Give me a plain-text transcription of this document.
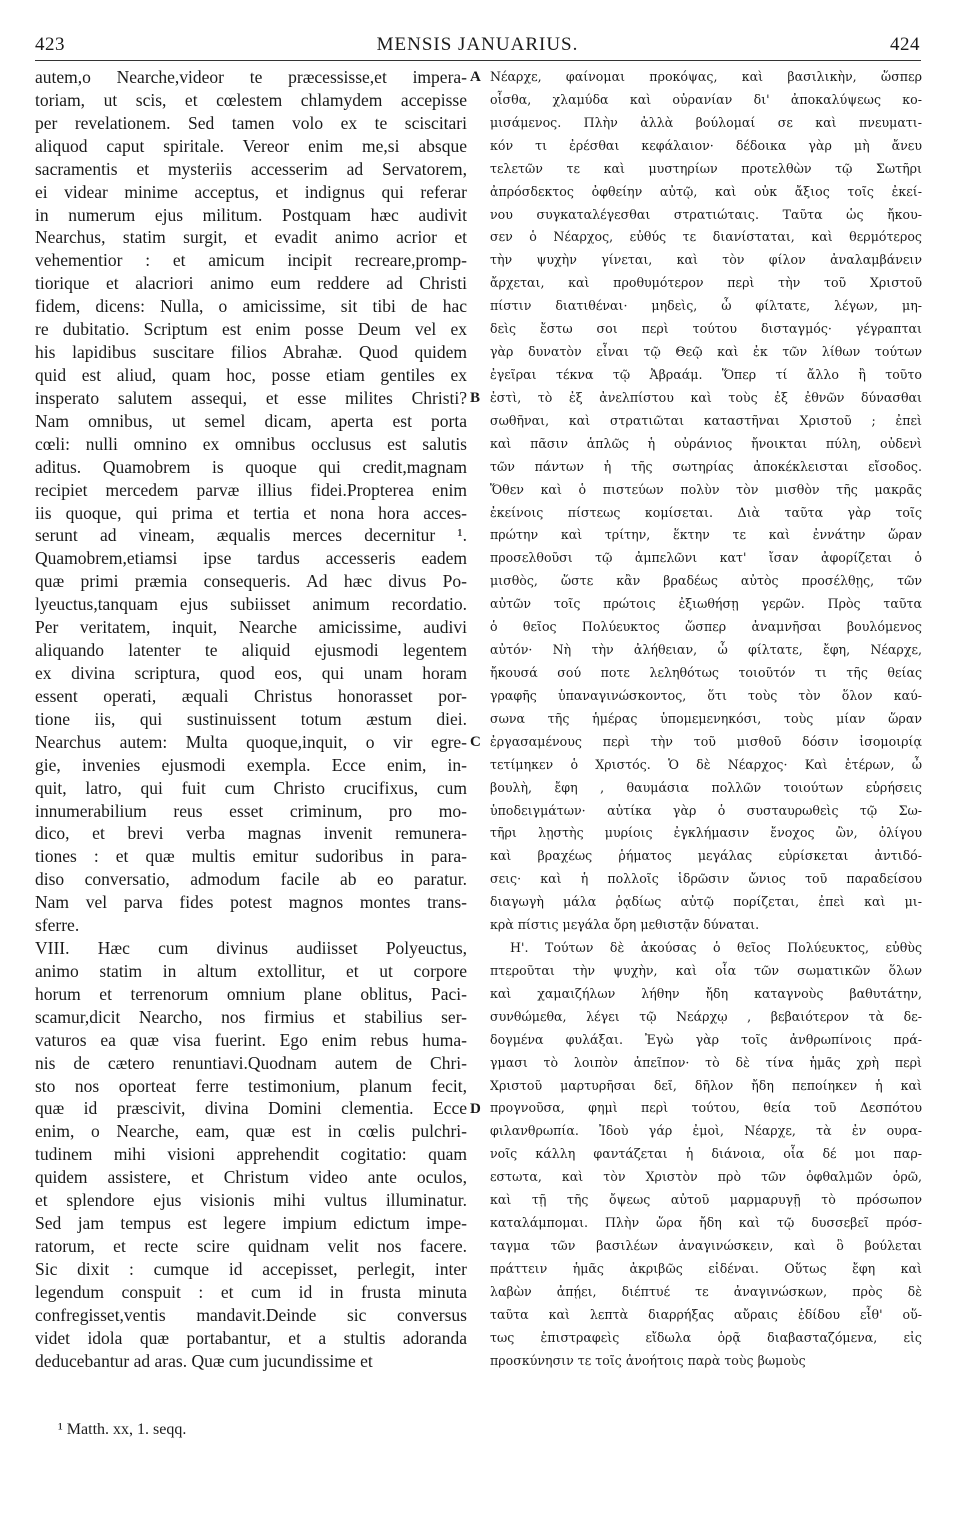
423	MENSIS JANUARIUS.	424
autem,o Nearche,videor te præcessisse,et impera-
toriam, ut scis, et cœlestem chlamydem accepisse
per revelationem. Sed tamen volo ex te sciscitari
aliquod caput spiritale. Vereor enim me,si absque
sacramentis et mysteriis accesserim ad Servatorem,
ei videar minime acceptus, et indignus qui referar
in numerum ejus militum. Postquam hæc audivit
Nearchus, statim surgit, et evadit animo acrior et
vehementior : et amicum incipit recreare,promp-
tiorique et alacriori animo eum reddere ad Christi
fidem, dicens: Nulla, o amicissime, sit tibi de hac
re dubitatio. Scriptum est enim posse Deum vel ex
his lapidibus suscitare filios Abrahæ. Quod quidem
quid est aliud, quam hoc, posse etiam gentiles ex
insperato salutem assequi, et esse milites Christi?
Nam omnibus, ut semel dicam, aperta est porta
cœli: nulli omnino ex omnibus occlusus est salutis
aditus. Quamobrem is quoque qui credit,magnam
recipiet mercedem parvæ illius fidei.Propterea enim
iis quoque, qui prima et tertia et nona hora acces-
serunt ad vineam, æqualis merces decernitur ¹.
Quamobrem,etiamsi ipse tardus accesseris eadem
quæ primi præmia consequeris. Ad hæc divus Po-
lyeuctus,tanquam ejus subiisset animum recordatio.
Per veritatem, inquit, Nearche amicissime, audivi
aliquando latenter te aliquid ejusmodi legentem
ex divina scriptura, quod eos, qui unam horam
essent operati, æquali Christus honorasset por-
tione iis, qui sustinuissent totum æstum diei.
Nearchus autem: Multa quoque,inquit, o vir egre-
gie, invenies ejusmodi exempla. Ecce enim, in-
quit, latro, qui fuit cum Christo crucifixus, cum
innumerabilium reus esset criminum, pro mo-
dico, et brevi verba magnas invenit remunera-
tiones : et quæ multis emitur sudoribus in para-
diso conversatio, admodum facile ab eo paratur.
Nam vel parva fides potest magnos montes trans-
sferre.
VIII. Hæc cum divinus audiisset Polyeuctus,
animo statim in altum extollitur, et ut corpore
horum et terrenorum omnium plane oblitus, Paci-
scamur,dicit Nearcho, nos firmius et stabilius ser-
vaturos ea quæ visa fuerint. Ego enim rebus huma-
nis de cætero renuntiavi.Quodnam autem de Chri-
sto nos oporteat ferre testimonium, planum fecit,
quæ id præscivit, divina Domini clementia. Ecce
enim, o Nearche, eam, quæ est in cœlis pulchri-
tudinem mihi visioni apprehendit cogitatio: quam
quidem assistere, et Christum video ante oculos,
et splendore ejus visionis mihi vultus illuminatur.
Sed jam tempus est legere impium edictum impe-
ratorum, et recte scire quidnam velit nos facere.
Sic dixit : cumque id accepisset, perlegit, inter
legendum conspuit : et cum id in frusta minuta
confregisset,ventis mandavit.Deinde sic conversus
videt idola quæ portabantur, et a stultis adoranda
deducebantur ad aras. Quæ cum jucundissime et
Νέαρχε, φαίνομαι προκόψας, καὶ βασιλικὴν, ὥσπερ
οἶσθα, χλαμύδα καὶ οὐρανίαν δι' ἀποκαλύψεως κο-
μισάμενος. Πλὴν ἀλλὰ βούλομαί σε καὶ πνευματι-
κόν τι ἐρέσθαι κεφάλαιον· δέδοικα γὰρ μὴ ἄνευ
τελετῶν τε καὶ μυστηρίων προτελθὼν τῷ Σωτῆρι
ἀπρόσδεκτος ὀφθείην αὐτῷ, καὶ οὐκ ἄξιος τοῖς ἐκεί-
νου συγκαταλέγεσθαι στρατιώταις. Ταῦτα ὡς ἤκου-
σεν ὁ Νέαρχος, εὐθύς τε διανίσταται, καὶ θερμότερος
τὴν ψυχὴν γίνεται, καὶ τὸν φίλον ἀναλαμβάνειν
ἄρχεται, καὶ προθυμότερον περὶ τὴν τοῦ Χριστοῦ
πίστιν διατιθέναι· μηδεὶς, ὦ φίλτατε, λέγων, μη-
δεὶς ἔστω σοι περὶ τούτου δισταγμός· γέγραπται
γὰρ δυνατὸν εἶναι τῷ Θεῷ καὶ ἐκ τῶν λίθων τούτων
ἐγεῖραι τέκνα τῷ Ἀβραάμ. Ὅπερ τί ἄλλο ἢ τοῦτο
ἐστὶ, τὸ ἐξ ἀνελπίστου καὶ τοὺς ἐξ ἐθνῶν δύνασθαι
σωθῆναι, καὶ στρατιῶται καταστῆναι Χριστοῦ ; ἐπεὶ
καὶ πᾶσιν ἁπλῶς ἡ οὐράνιος ἤνοικται πύλη, οὐδενὶ
τῶν πάντων ἡ τῆς σωτηρίας ἀποκέκλεισται εἴσοδος.
Ὅθεν καὶ ὁ πιστεύων πολὺν τὸν μισθὸν τῆς μακρᾶς
ἐκείνοις πίστεως κομίσεται. Διὰ ταῦτα γὰρ τοῖς
πρώτην καὶ τρίτην, ἕκτην τε καὶ ἐννάτην ὥραν
προσελθοῦσι τῷ ἀμπελῶνι κατ' ἴσαν ἀφορίζεται ὁ
μισθὸς, ὥστε κἂν βραδέως αὐτὸς προσέλθῃς, τῶν
αὐτῶν τοῖς πρώτοις ἐξιωθήσῃ γερῶν. Πρὸς ταῦτα
ὁ θεῖος Πολύευκτος ὥσπερ ἀναμνῆσαι βουλόμενος
αὐτόν· Νὴ τὴν ἀλήθειαν, ὦ φίλτατε, ἔφη, Νέαρχε,
ἤκουσά σού ποτε λεληθότως τοιοῦτόν τι τῆς θείας
γραφῆς ὑπαναγινώσκοντος, ὅτι τοὺς τὸν ὅλον καύ-
σωνα τῆς ἡμέρας ὑπομεμενηκόσι, τοὺς μίαν ὥραν
ἐργασαμένους περὶ τὴν τοῦ μισθοῦ δόσιν ἰσομοιρίᾳ
τετίμηκεν ὁ Χριστός. Ὁ δὲ Νέαρχος· Καὶ ἑτέρων, ὦ
βουλὴ, ἔφη , θαυμάσια πολλῶν τοιούτων εὑρήσεις
ὑποδειγμάτων· αὐτίκα γὰρ ὁ συσταυρωθεὶς τῷ Σω-
τῆρι λῃστὴς μυρίοις ἐγκλήμασιν ἔνοχος ὢν, ὀλίγου
καὶ βραχέως ῥήματος μεγάλας εὑρίσκεται ἀντιδό-
σεις· καὶ ἡ πολλοῖς ἱδρῶσιν ὤνιος τοῦ παραδείσου
διαγωγὴ μάλα ῥᾳδίως αὐτῷ πορίζεται, ἐπεὶ καὶ μι-
κρὰ πίστις μεγάλα ὄρη μεθιστᾷν δύναται.
Η'. Τούτων δὲ ἀκούσας ὁ θεῖος Πολύευκτος, εὐθὺς
πτεροῦται τὴν ψυχὴν, καὶ οἷα τῶν σωματικῶν ὅλων
καὶ χαμαιζήλων λήθην ἤδη καταγνοὺς βαθυτάτην,
συνθώμεθα, λέγει τῷ Νεάρχῳ , βεβαιότερον τὰ δε-
δογμένα φυλάξαι. Ἐγὼ γὰρ τοῖς ἀνθρωπίνοις πρά-
γμασι τὸ λοιπὸν ἀπεῖπον· τὸ δὲ τίνα ἡμᾶς χρὴ περὶ
Χριστοῦ μαρτυρῆσαι δεῖ, δῆλον ἤδη πεποίηκεν ἡ καὶ
προγνοῦσα, φημὶ περὶ τούτου, θεία τοῦ Δεσπότου
φιλανθρωπία. Ἰδοὺ γάρ ἐμοὶ, Νέαρχε, τὰ ἐν ουρα-
νοῖς κάλλη φαντάζεται ἡ διάνοια, οἷα δέ μοι παρ-
εστωτα, καὶ τὸν Χριστὸν πρὸ τῶν ὀφθαλμῶν ὁρῶ,
καὶ τῇ τῆς ὄψεως αὐτοῦ μαρμαρυγῇ τὸ πρόσωπον
καταλάμπομαι. Πλὴν ὥρα ἤδη καὶ τῷ δυσσεβεῖ πρόσ-
ταγμα τῶν βασιλέων ἀναγινώσκειν, καὶ ὃ βούλεται
πράττειν ἡμᾶς ἀκριβῶς εἰδέναι. Οὕτως ἔφη καὶ
λαβὼν ἀπῄει, διέπτυέ τε ἀναγινώσκων, πρὸς δὲ
ταῦτα καὶ λεπτὰ διαρρήξας αὔραις ἐδίδου εἶθ' οὕ-
τως ἐπιστραφεὶς εἴδωλα ὁρᾷ διαβασταζόμενα, εἰς
προσκύνησιν τε τοῖς ἀνοήτοις παρὰ τοὺς βωμοὺς
A
B
C
D
¹ Matth. xx, 1. seqq.
